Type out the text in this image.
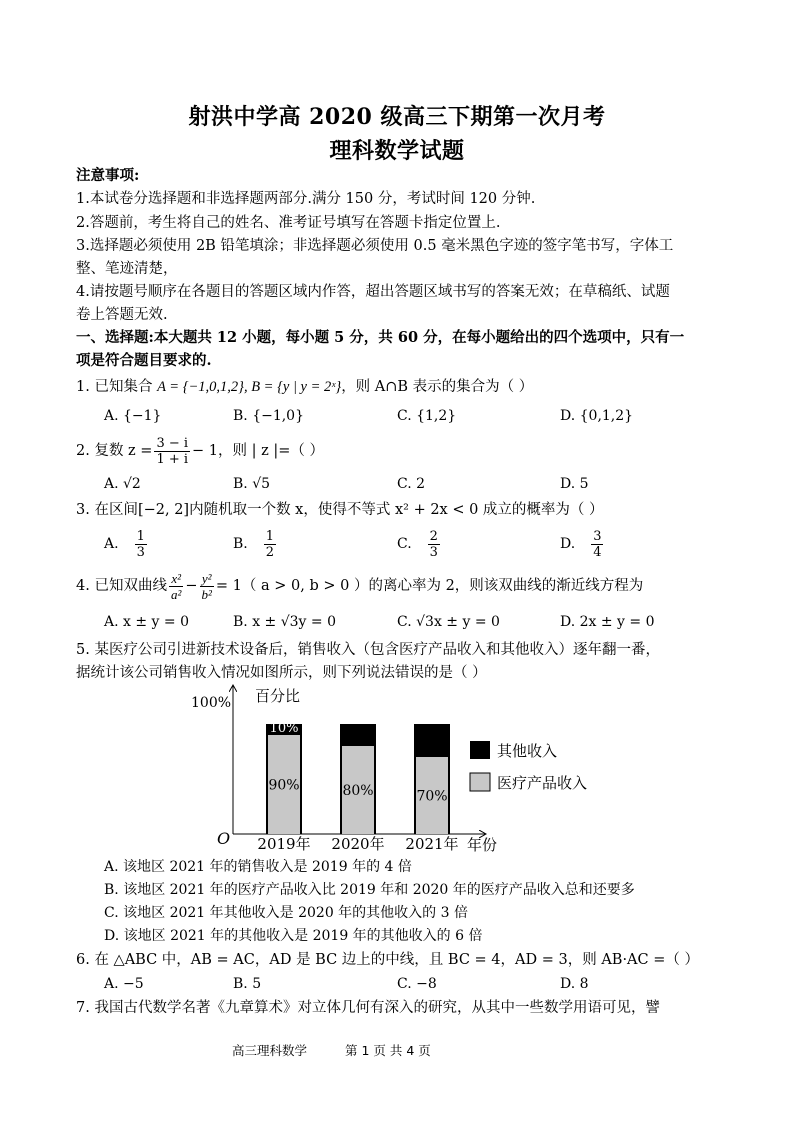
射洪中学高 2020 级高三下期第一次月考
理科数学试题
注意事项:
1.本试卷分选择题和非选择题两部分.满分 150 分，考试时间 120 分钟.
2.答题前，考生将自己的姓名、准考证号填写在答题卡指定位置上.
3.选择题必须使用 2B 铅笔填涂；非选择题必须使用 0.5 毫米黑色字迹的签字笔书写，字体工
整、笔迹清楚，
4.请按题号顺序在各题目的答题区域内作答，超出答题区域书写的答案无效；在草稿纸、试题
卷上答题无效.
一、选择题:本大题共 12 小题，每小题 5 分，共 60 分，在每小题给出的四个选项中，只有一
项是符合题目要求的.
1. 已知集合 A = {−1,0,1,2}, B = {y | y = 2ˣ}，则 A∩B 表示的集合为（ ）
A. {−1}	B. {−1,0}	C. {1,2}	D. {0,1,2}
2. 复数 $z = \frac{3 - i}{1 + i} - 1$，则 | z |=（ ）
A. √2	B. √5	C. 2	D. 5
3. 在区间[−2, 2]内随机取一个数 x，使得不等式 x² + 2x < 0 成立的概率为（ ）
A. $\frac{1}{3}$	B. $\frac{1}{2}$	C. $\frac{2}{3}$	D. $\frac{3}{4}$
4. 已知双曲线 $\frac{\text{x²}}{\text{a²}} - \frac{\text{y²}}{\text{b²}} = 1$（ a > 0, b > 0 ）的离心率为 2，则该双曲线的渐近线方程为
A. x ± y = 0	B. x ± √3y = 0	C. √3x ± y = 0	D. 2x ± y = 0
5. 某医疗公司引进新技术设备后，销售收入（包含医疗产品收入和其他收入）逐年翻一番，
据统计该公司销售收入情况如图所示，则下列说法错误的是（ ）
百分比
100%
O	年份
90%
2019年
10%
80%
2020年
70%
2021年
其他收入
医疗产品收入
A. 该地区 2021 年的销售收入是 2019 年的 4 倍
B. 该地区 2021 年的医疗产品收入比 2019 年和 2020 年的医疗产品收入总和还要多
C. 该地区 2021 年其他收入是 2020 年的其他收入的 3 倍
D. 该地区 2021 年的其他收入是 2019 年的其他收入的 6 倍
6. 在 △ABC 中，AB = AC，AD 是 BC 边上的中线，且 BC = 4，AD = 3，则 AB·AC =（ ）
A. −5	B. 5	C. −8	D. 8
7. 我国古代数学名著《九章算术》对立体几何有深入的研究，从其中一些数学用语可见，譬
高三理科数学	第 1 页 共 4 页
